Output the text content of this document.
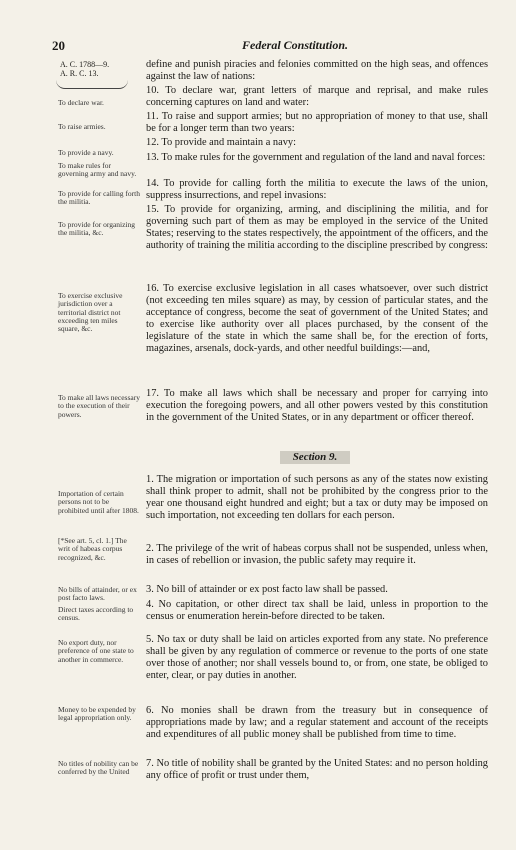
20	Federal Constitution.
A. C. 1788—9.
A. R. C. 13.
define and punish piracies and felonies committed on the high seas, and offences against the law of nations:
To declare war.
10. To declare war, grant letters of marque and reprisal, and make rules concerning captures on land and water:
To raise armies.
11. To raise and support armies; but no appropriation of money to that use, shall be for a longer term than two years:
To provide a navy.
12. To provide and maintain a navy:
To make rules for governing army and navy.
13. To make rules for the government and regulation of the land and naval forces:
To provide for calling forth the militia.
14. To provide for calling forth the militia to execute the laws of the union, suppress insurrections, and repel invasions:
To provide for organizing the militia, &c.
15. To provide for organizing, arming, and disciplining the militia, and for governing such part of them as may be employed in the service of the United States; reserving to the states respectively, the appointment of the officers, and the authority of training the militia according to the discipline prescribed by congress:
To exercise exclusive jurisdiction over a territorial district not exceeding ten miles square, &c.
16. To exercise exclusive legislation in all cases whatsoever, over such district (not exceeding ten miles square) as may, by cession of particular states, and the acceptance of congress, become the seat of government of the United States; and to exercise like authority over all places purchased, by the consent of the legislature of the state in which the same shall be, for the erection of forts, magazines, arsenals, dock-yards, and other needful buildings:—and,
To make all laws necessary to the execution of their powers.
17. To make all laws which shall be necessary and proper for carrying into execution the foregoing powers, and all other powers vested by this constitution in the government of the United States, or in any department or officer thereof.
Section 9.
Importation of certain persons not to be prohibited until after 1808.
1. The migration or importation of such persons as any of the states now existing shall think proper to admit, shall not be prohibited by the congress prior to the year one thousand eight hundred and eight; but a tax or duty may be imposed on such importation, not exceeding ten dollars for each person.
[*See art. 5, cl. 1.] The writ of habeas corpus recognized, &c.
2. The privilege of the writ of habeas corpus shall not be suspended, unless when, in cases of rebellion or invasion, the public safety may require it.
No bills of attainder, or ex post facto laws.
3. No bill of attainder or ex post facto law shall be passed.
Direct taxes according to census.
4. No capitation, or other direct tax shall be laid, unless in proportion to the census or enumeration herein-before directed to be taken.
No export duty, nor preference of one state to another in commerce.
5. No tax or duty shall be laid on articles exported from any state. No preference shall be given by any regulation of commerce or revenue to the ports of one state over those of another; nor shall vessels bound to, or from, one state, be obliged to enter, clear, or pay duties in another.
Money to be expended by legal appropriation only.
6. No monies shall be drawn from the treasury but in consequence of appropriations made by law; and a regular statement and account of the receipts and expenditures of all public money shall be published from time to time.
No titles of nobility can be conferred by the United
7. No title of nobility shall be granted by the United States: and no person holding any office of profit or trust under them,
